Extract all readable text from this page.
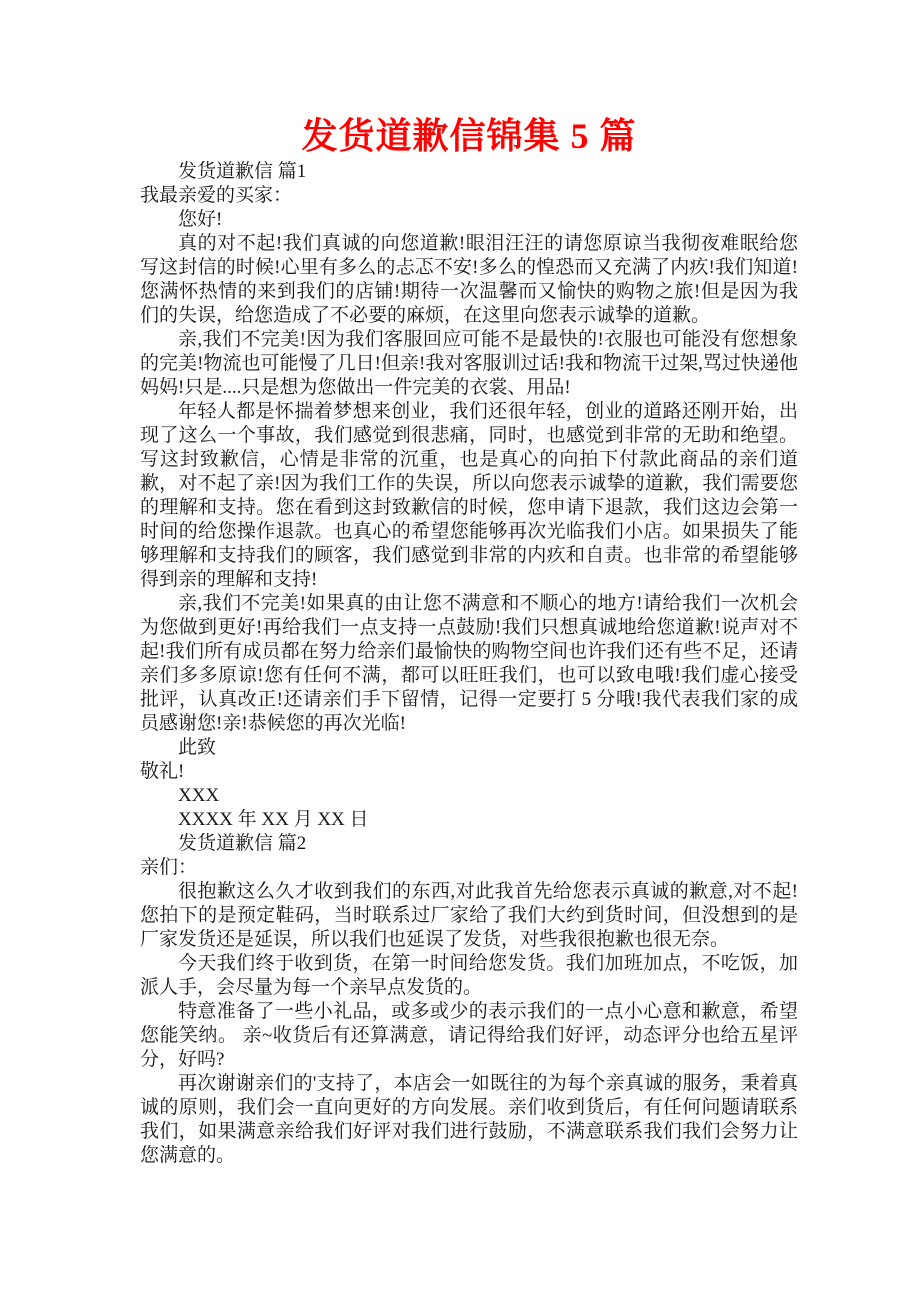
发货道歉信锦集 5 篇

发货道歉信 篇1

我最亲爱的买家：

您好!

真的对不起!我们真诚的向您道歉!眼泪汪汪的请您原谅当我彻夜难眠给您写这封信的时候!心里有多么的忐忑不安!多么的惶恐而又充满了内疚!我们知道!您满怀热情的来到我们的店铺!期待一次温馨而又愉快的购物之旅!但是因为我们的失误，给您造成了不必要的麻烦，在这里向您表示诚挚的道歉。

亲,我们不完美!因为我们客服回应可能不是最快的!衣服也可能没有您想象的完美!物流也可能慢了几日!但亲!我对客服训过话!我和物流干过架,骂过快递他妈妈!只是....只是想为您做出一件完美的衣裳、用品!

年轻人都是怀揣着梦想来创业，我们还很年轻，创业的道路还刚开始，出现了这么一个事故，我们感觉到很悲痛，同时，也感觉到非常的无助和绝望。 写这封致歉信，心情是非常的沉重，也是真心的向拍下付款此商品的亲们道歉，对不起了亲!因为我们工作的失误，所以向您表示诚挚的道歉，我们需要您的理解和支持。您在看到这封致歉信的时候，您申请下退款，我们这边会第一时间的给您操作退款。也真心的希望您能够再次光临我们小店。如果损失了能够理解和支持我们的顾客，我们感觉到非常的内疚和自责。也非常的希望能够得到亲的理解和支持!

亲,我们不完美!如果真的由让您不满意和不顺心的地方!请给我们一次机会为您做到更好!再给我们一点支持一点鼓励!我们只想真诚地给您道歉!说声对不起!我们所有成员都在努力给亲们最愉快的购物空间也许我们还有些不足，还请亲们多多原谅!您有任何不满，都可以旺旺我们，也可以致电哦!我们虚心接受批评，认真改正!还请亲们手下留情，记得一定要打 5 分哦!我代表我们家的成员感谢您!亲!恭候您的再次光临!

此致

敬礼!

XXX

XXXX 年 XX 月 XX 日

发货道歉信 篇2

亲们：

很抱歉这么久才收到我们的东西,对此我首先给您表示真诚的歉意,对不起!您拍下的是预定鞋码，当时联系过厂家给了我们大约到货时间，但没想到的是厂家发货还是延误，所以我们也延误了发货，对些我很抱歉也很无奈。

今天我们终于收到货，在第一时间给您发货。我们加班加点，不吃饭，加派人手，会尽量为每一个亲早点发货的。

特意准备了一些小礼品，或多或少的表示我们的一点小心意和歉意，希望您能笑纳。 亲~收货后有还算满意，请记得给我们好评，动态评分也给五星评分，好吗?

再次谢谢亲们的'支持了，本店会一如既往的为每个亲真诚的服务，秉着真诚的原则，我们会一直向更好的方向发展。亲们收到货后，有任何问题请联系我们，如果满意亲给我们好评对我们进行鼓励，不满意联系我们我们会努力让您满意的。
